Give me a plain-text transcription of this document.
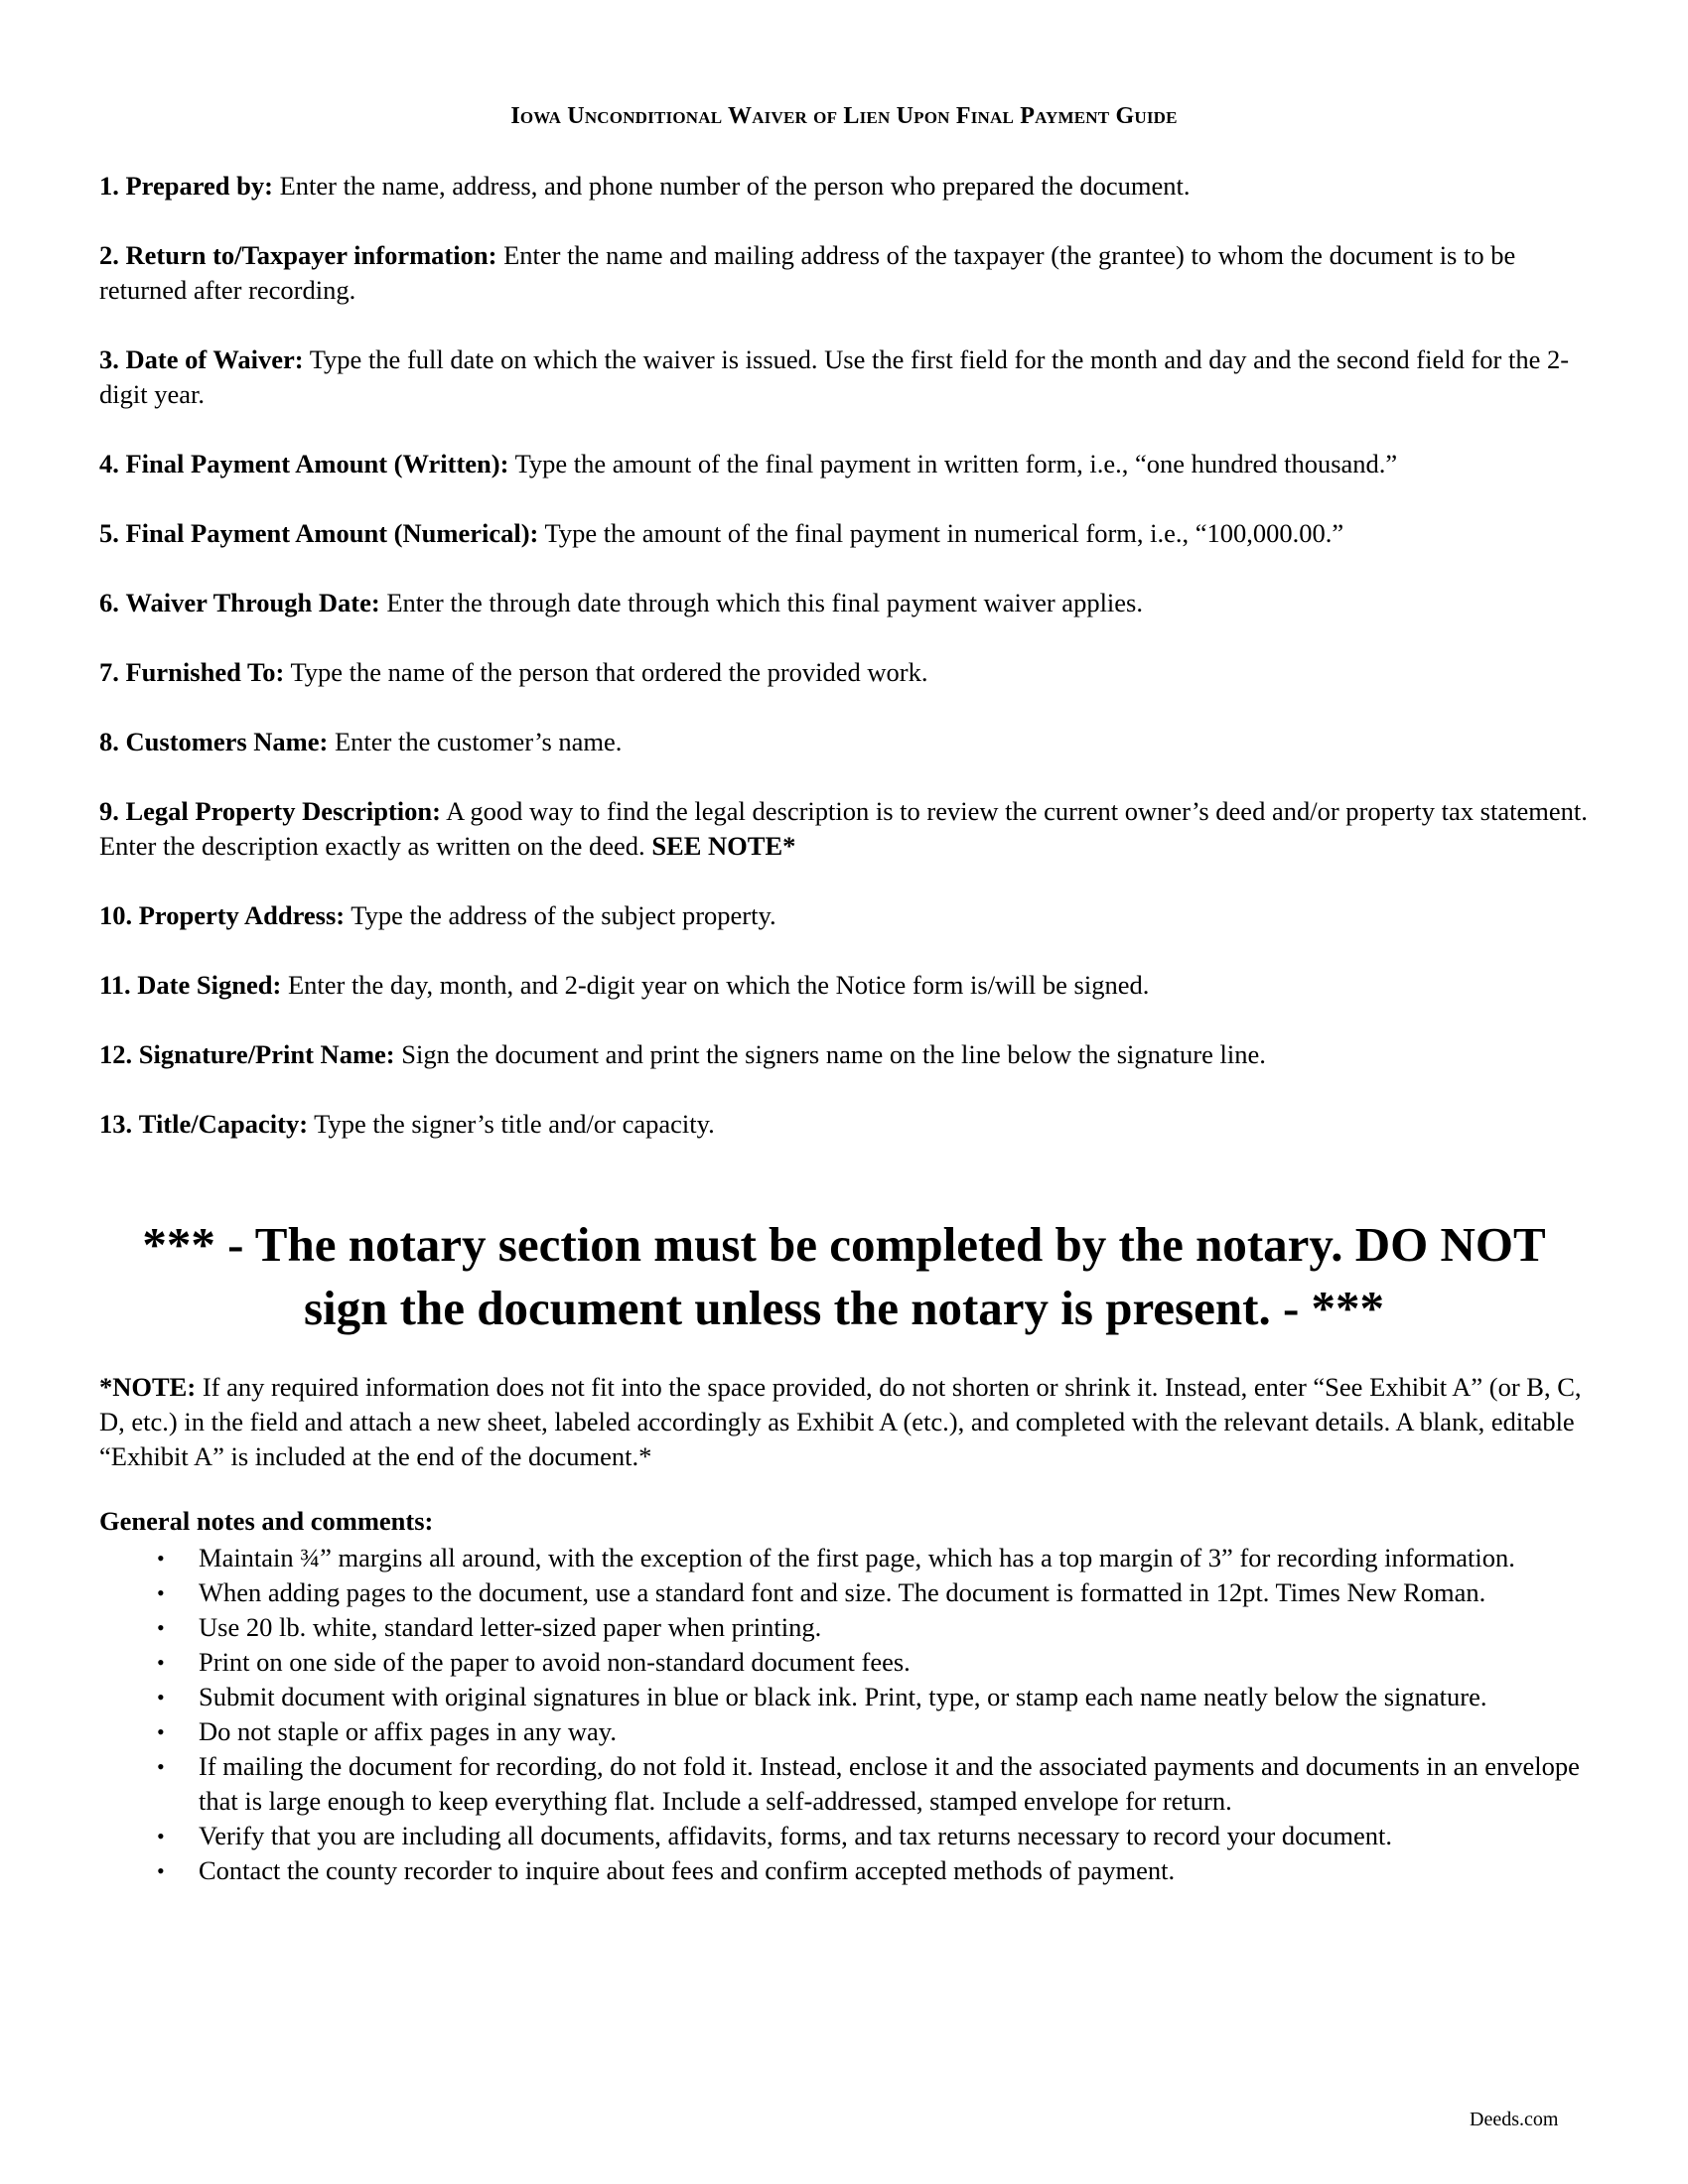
Iowa Unconditional Waiver of Lien Upon Final Payment Guide
1. Prepared by: Enter the name, address, and phone number of the person who prepared the document.
2. Return to/Taxpayer information: Enter the name and mailing address of the taxpayer (the grantee) to whom the document is to be returned after recording.
3. Date of Waiver: Type the full date on which the waiver is issued. Use the first field for the month and day and the second field for the 2-digit year.
4. Final Payment Amount (Written): Type the amount of the final payment in written form, i.e., “one hundred thousand.”
5. Final Payment Amount (Numerical): Type the amount of the final payment in numerical form, i.e., “100,000.00.”
6. Waiver Through Date: Enter the through date through which this final payment waiver applies.
7. Furnished To: Type the name of the person that ordered the provided work.
8. Customers Name: Enter the customer’s name.
9. Legal Property Description: A good way to find the legal description is to review the current owner’s deed and/or property tax statement. Enter the description exactly as written on the deed. SEE NOTE*
10. Property Address: Type the address of the subject property.
11. Date Signed: Enter the day, month, and 2-digit year on which the Notice form is/will be signed.
12. Signature/Print Name: Sign the document and print the signers name on the line below the signature line.
13. Title/Capacity: Type the signer’s title and/or capacity.
*** - The notary section must be completed by the notary. DO NOT sign the document unless the notary is present. - ***
*NOTE: If any required information does not fit into the space provided, do not shorten or shrink it. Instead, enter “See Exhibit A” (or B, C, D, etc.) in the field and attach a new sheet, labeled accordingly as Exhibit A (etc.), and completed with the relevant details. A blank, editable “Exhibit A” is included at the end of the document.*
General notes and comments:
• Maintain ¾” margins all around, with the exception of the first page, which has a top margin of 3” for recording information.
• When adding pages to the document, use a standard font and size. The document is formatted in 12pt. Times New Roman.
• Use 20 lb. white, standard letter-sized paper when printing.
• Print on one side of the paper to avoid non-standard document fees.
• Submit document with original signatures in blue or black ink. Print, type, or stamp each name neatly below the signature.
• Do not staple or affix pages in any way.
• If mailing the document for recording, do not fold it. Instead, enclose it and the associated payments and documents in an envelope that is large enough to keep everything flat. Include a self-addressed, stamped envelope for return.
• Verify that you are including all documents, affidavits, forms, and tax returns necessary to record your document.
• Contact the county recorder to inquire about fees and confirm accepted methods of payment.
Deeds.com
